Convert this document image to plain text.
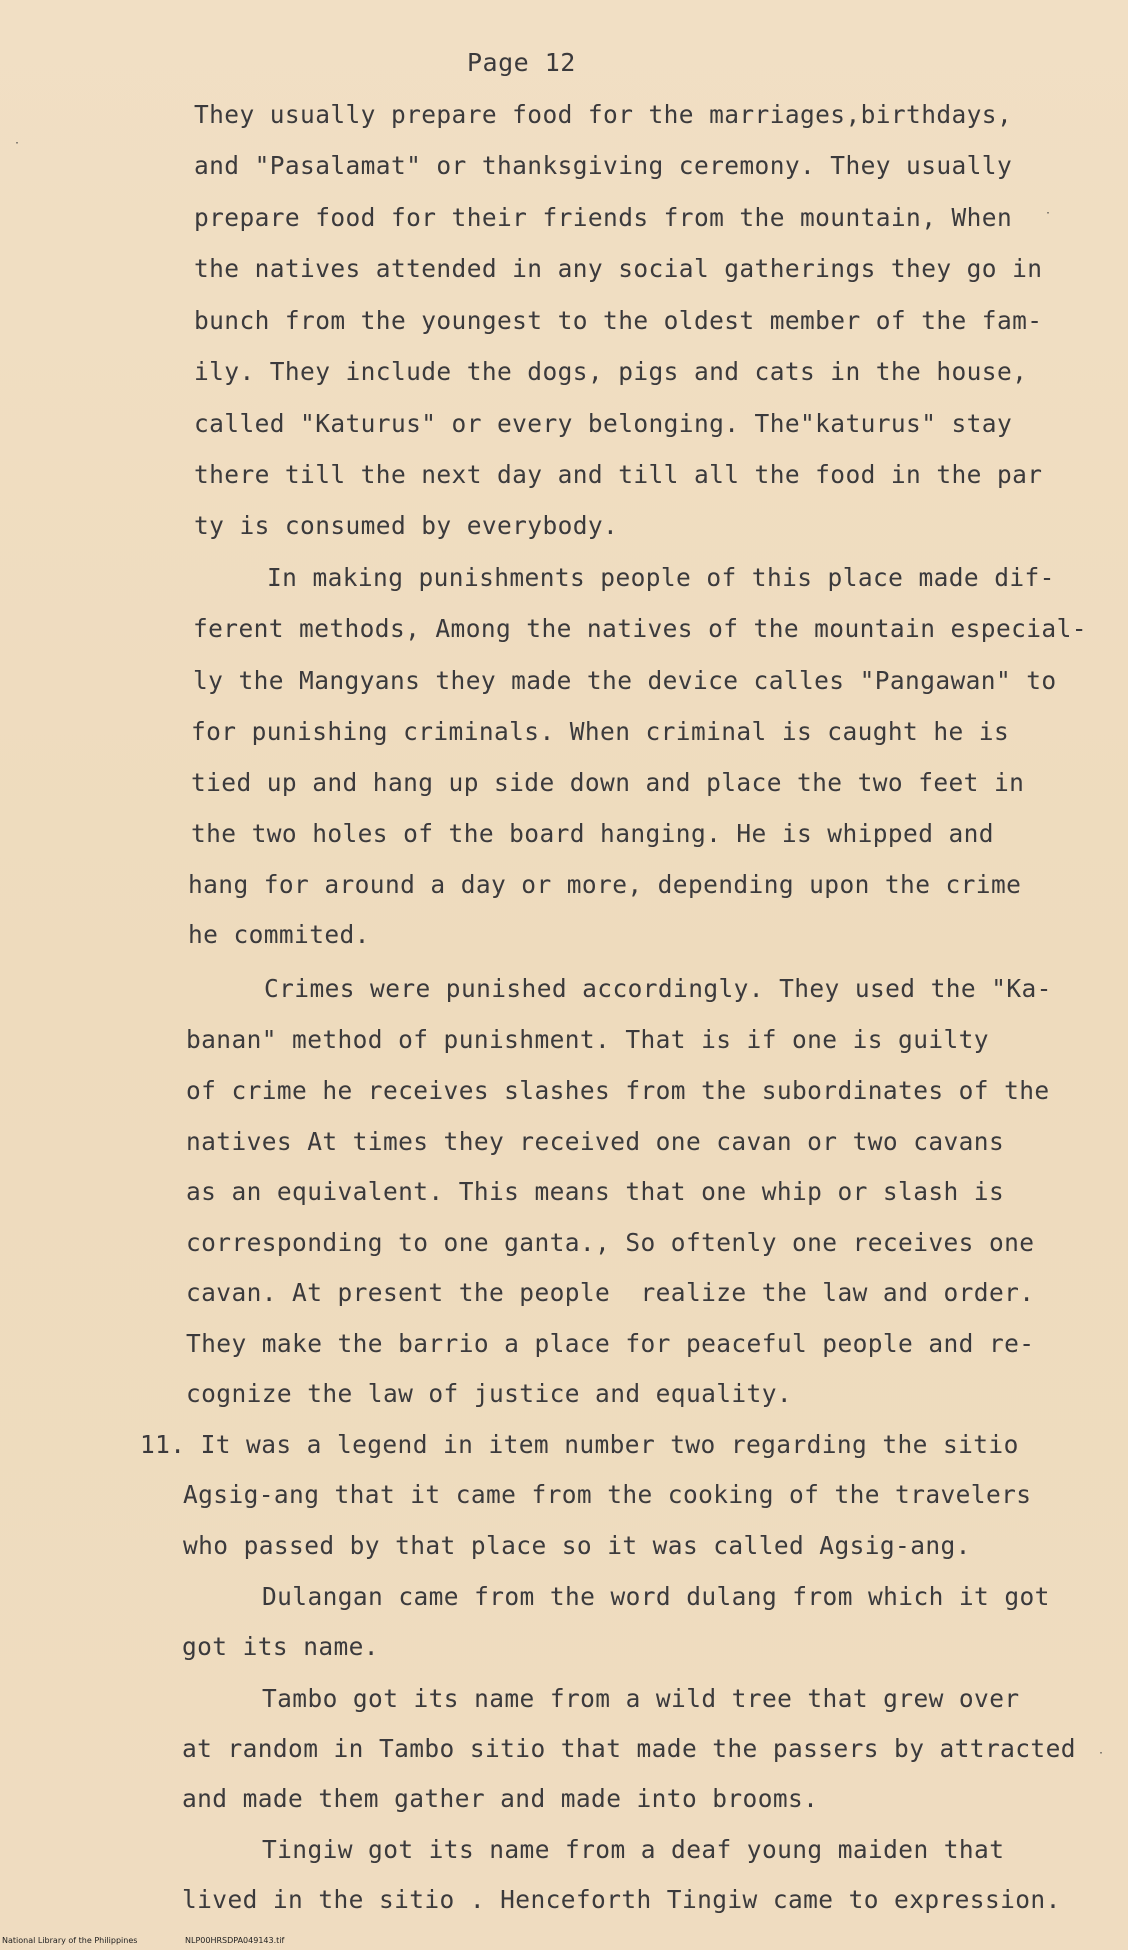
Page 12
They usually prepare food for the marriages,birthdays,
and "Pasalamat" or thanksgiving ceremony. They usually
prepare food for their friends from the mountain, When
the natives attended in any social gatherings they go in
bunch from the youngest to the oldest member of the fam-
ily. They include the dogs, pigs and cats in the house,
called "Katurus" or every belonging. The"katurus" stay
there till the next day and till all the food in the par
ty is consumed by everybody.
In making punishments people of this place made dif-
ferent methods, Among the natives of the mountain especial-
ly the Mangyans they made the device calles "Pangawan" to
for punishing criminals. When criminal is caught he is
tied up and hang up side down and place the two feet in
the two holes of the board hanging. He is whipped and
hang for around a day or more, depending upon the crime
he commited.
Crimes were punished accordingly. They used the "Ka-
banan" method of punishment. That is if one is guilty
of crime he receives slashes from the subordinates of the
natives At times they received one cavan or two cavans
as an equivalent. This means that one whip or slash is
corresponding to one ganta., So oftenly one receives one
cavan. At present the people  realize the law and order.
They make the barrio a place for peaceful people and re-
cognize the law of justice and equality.
11. It was a legend in item number two regarding the sitio
Agsig-ang that it came from the cooking of the travelers
who passed by that place so it was called Agsig-ang.
Dulangan came from the word dulang from which it got
got its name.
Tambo got its name from a wild tree that grew over
at random in Tambo sitio that made the passers by attracted
and made them gather and made into brooms.
Tingiw got its name from a deaf young maiden that
lived in the sitio . Henceforth Tingiw came to expression.
·
·
·
National Library of the Philippines	NLP00HRSDPA049143.tif
